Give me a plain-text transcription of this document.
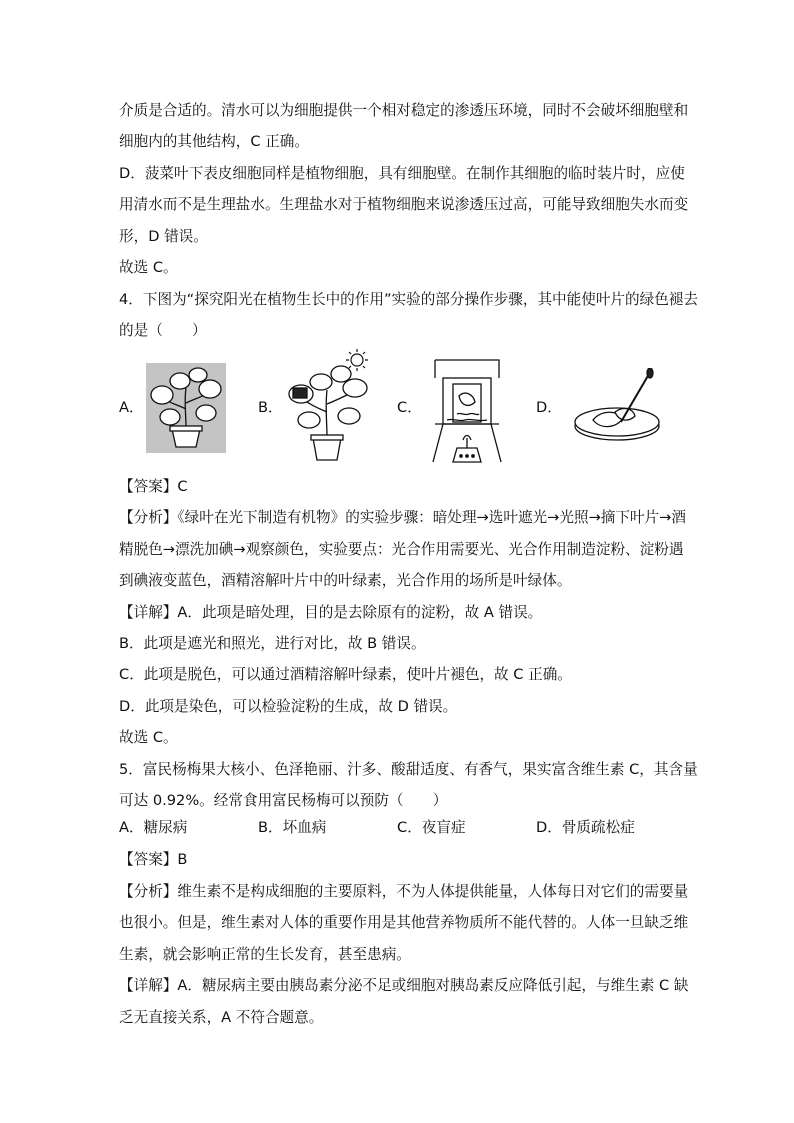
介质是合适的。清水可以为细胞提供一个相对稳定的渗透压环境，同时不会破坏细胞壁和
细胞内的其他结构，C 正确。
D．菠菜叶下表皮细胞同样是植物细胞，具有细胞壁。在制作其细胞的临时装片时，应使
用清水而不是生理盐水。生理盐水对于植物细胞来说渗透压过高，可能导致细胞失水而变
形，D 错误。
故选 C。
4．下图为“探究阳光在植物生长中的作用”实验的部分操作步骤，其中能使叶片的绿色褪去
的是（　　）
A．	B．	C．	D．
【答案】C
【分析】《绿叶在光下制造有机物》的实验步骤：暗处理→选叶遮光→光照→摘下叶片→酒
精脱色→漂洗加碘→观察颜色，实验要点：光合作用需要光、光合作用制造淀粉、淀粉遇
到碘液变蓝色，酒精溶解叶片中的叶绿素，光合作用的场所是叶绿体。
【详解】A．此项是暗处理，目的是去除原有的淀粉，故 A 错误。
B．此项是遮光和照光，进行对比，故 B 错误。
C．此项是脱色，可以通过酒精溶解叶绿素，使叶片褪色，故 C 正确。
D．此项是染色，可以检验淀粉的生成，故 D 错误。
故选 C。
5．富民杨梅果大核小、色泽艳丽、汁多、酸甜适度、有香气，果实富含维生素 C，其含量
可达 0.92%。经常食用富民杨梅可以预防（　　）
A．糖尿病	B．坏血病	C．夜盲症	D．骨质疏松症
【答案】B
【分析】维生素不是构成细胞的主要原料，不为人体提供能量，人体每日对它们的需要量
也很小。但是，维生素对人体的重要作用是其他营养物质所不能代替的。人体一旦缺乏维
生素，就会影响正常的生长发育，甚至患病。
【详解】A．糖尿病主要由胰岛素分泌不足或细胞对胰岛素反应降低引起，与维生素 C 缺
乏无直接关系，A 不符合题意。
